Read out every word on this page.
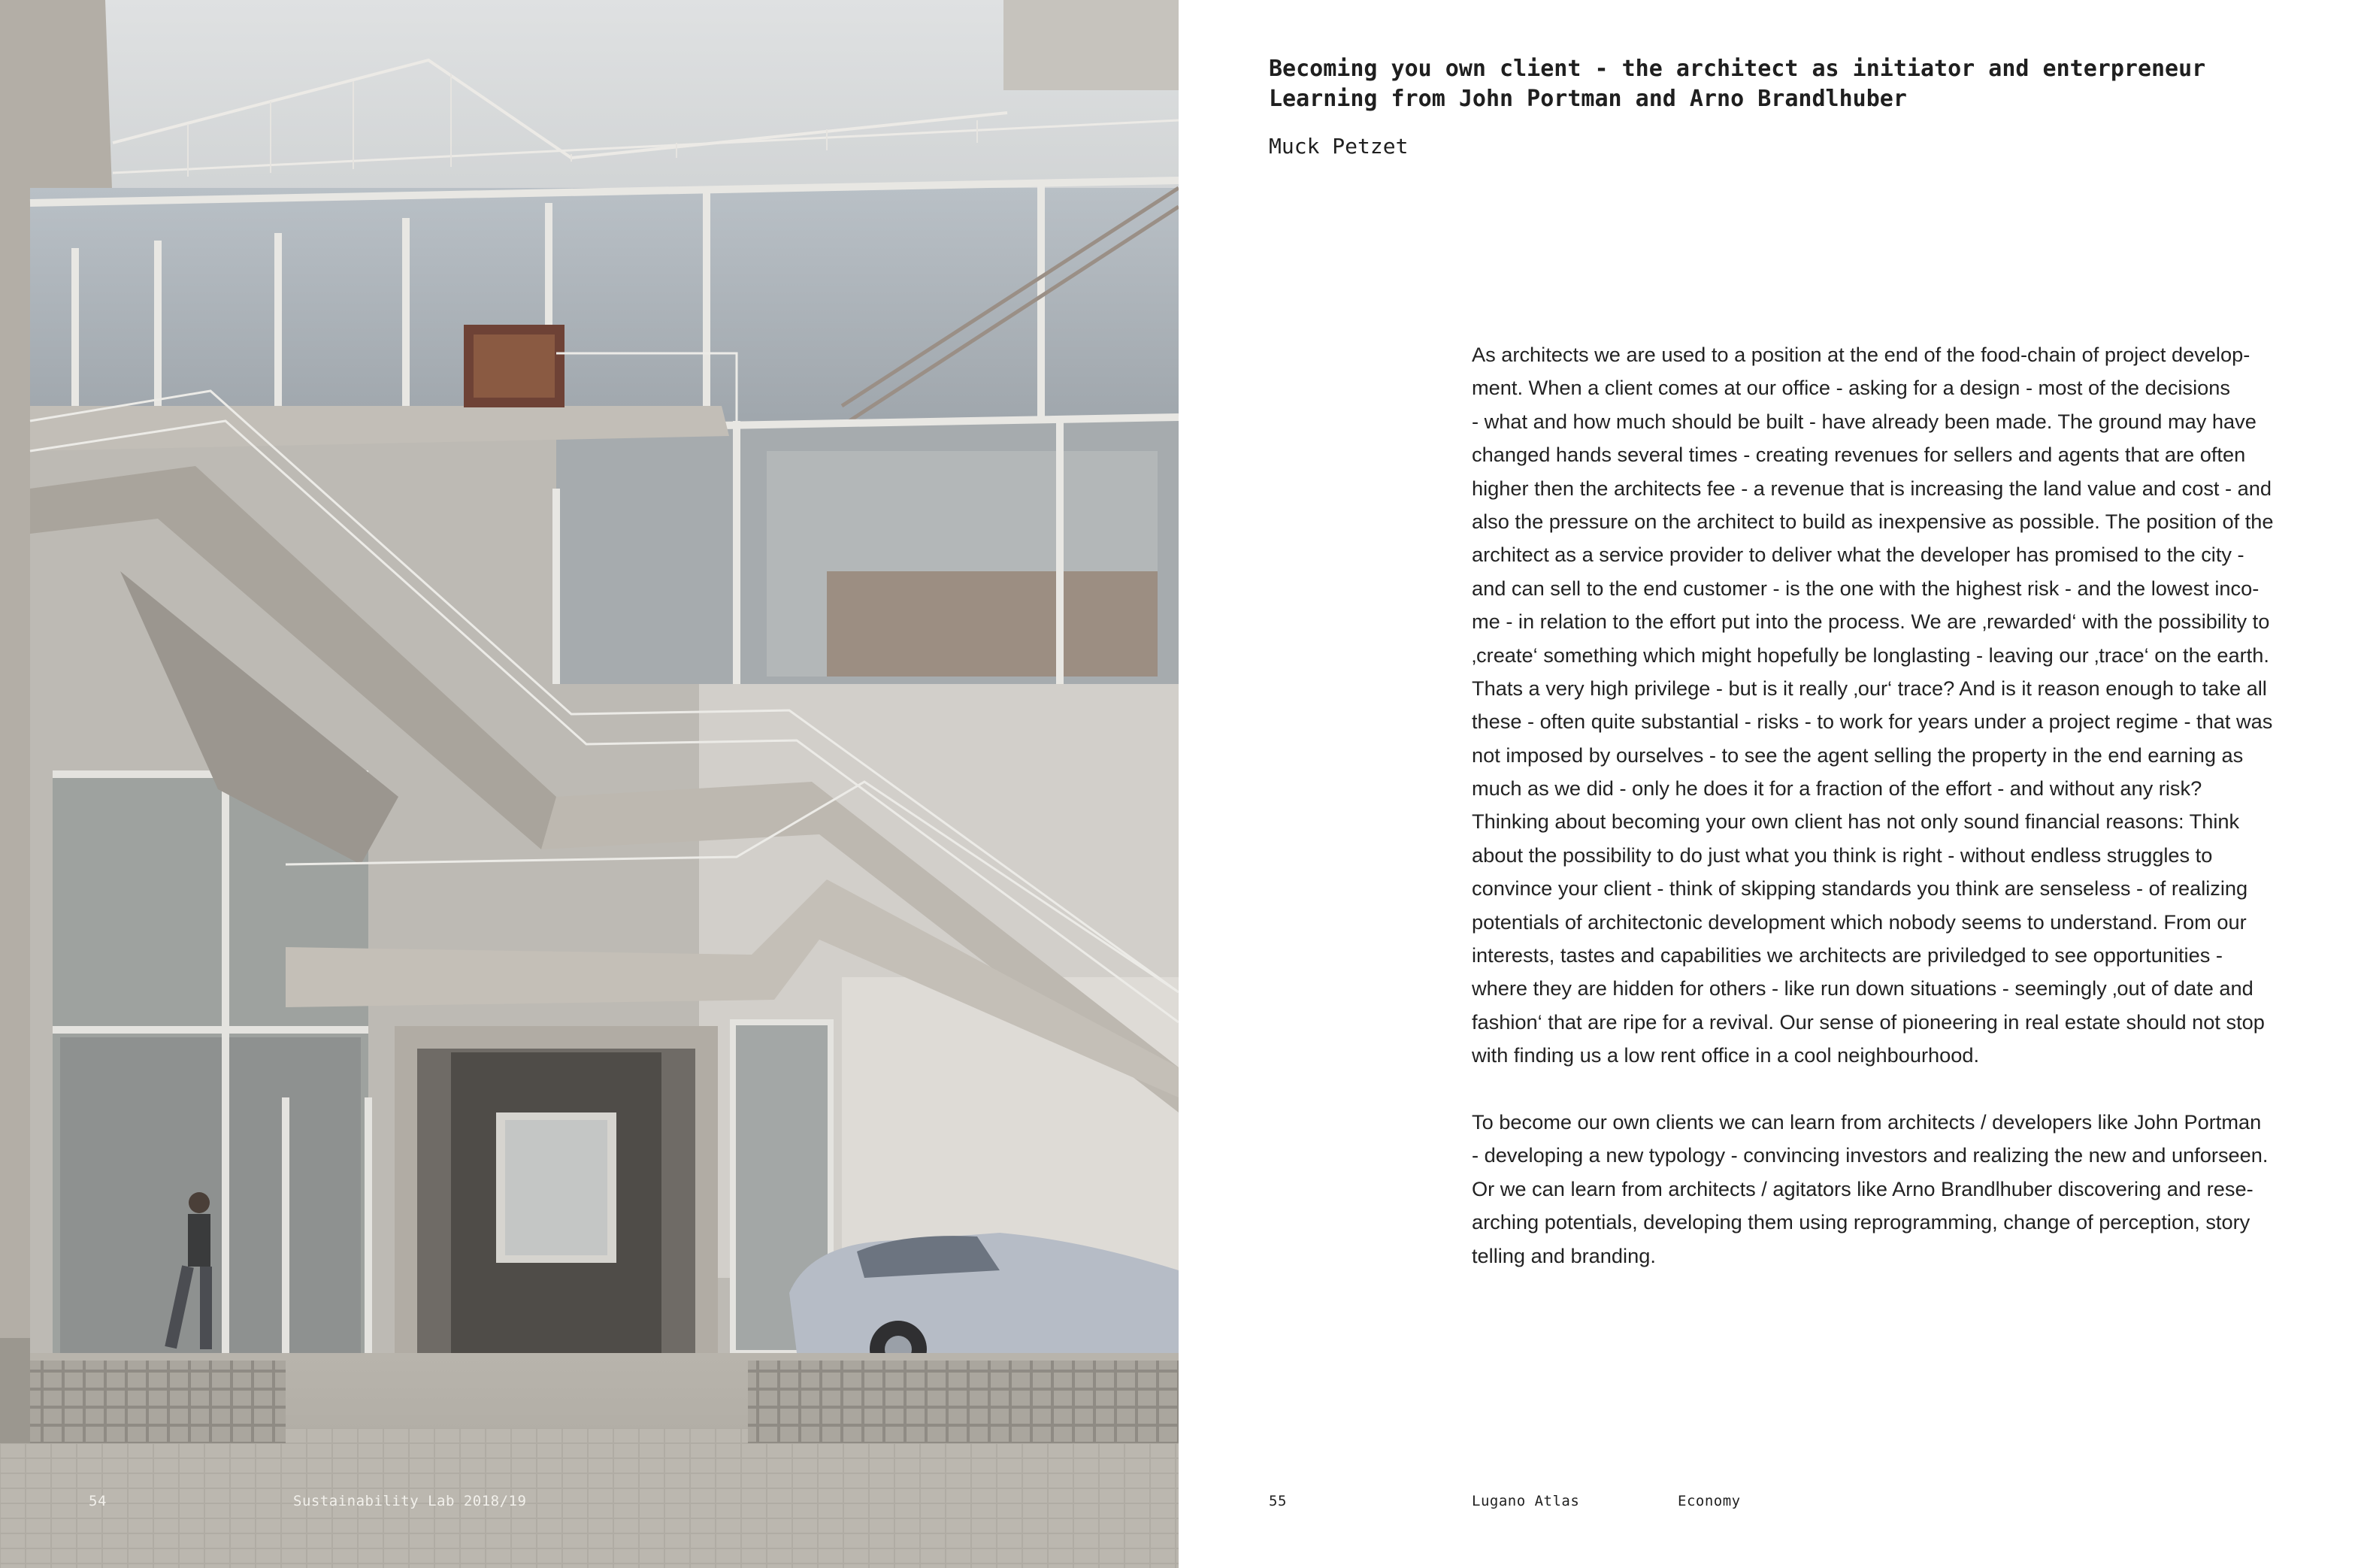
54	Sustainability Lab 2018/19
Becoming you own client - the architect as initiator and enterpreneur
Learning from John Portman and Arno Brandlhuber
Muck Petzet
As architects we are used to a position at the end of the food-chain of project develop-
ment. When a client comes at our office - asking for a design - most of the decisions
- what and how much should be built - have already been made. The ground may have
changed hands several times - creating revenues for sellers and agents that are often
higher then the architects fee - a revenue that is increasing the land value and cost - and
also the pressure on the architect to build as inexpensive as possible. The position of the
architect as a service provider to deliver what the developer has promised to the city -
and can sell to the end customer - is the one with the highest risk - and the lowest inco-
me - in relation to the effort put into the process. We are ‚rewarded‘ with the possibility to
‚create‘ something which might hopefully be longlasting - leaving our ‚trace‘ on the earth.
Thats a very high privilege - but is it really ‚our‘ trace? And is it reason enough to take all
these - often quite substantial - risks - to work for years under a project regime - that was
not imposed by ourselves - to see the agent selling the property in the end earning as
much as we did - only he does it for a fraction of the effort - and without any risk?
Thinking about becoming your own client has not only sound financial reasons: Think
about the possibility to do just what you think is right - without endless struggles to
convince your client - think of skipping standards you think are senseless - of realizing
potentials of architectonic development which nobody seems to understand. From our
interests, tastes and capabilities we architects are priviledged to see opportunities -
where they are hidden for others - like run down situations - seemingly ‚out of date and
fashion‘ that are ripe for a revival. Our sense of pioneering in real estate should not stop
with finding us a low rent office in a cool neighbourhood.
To become our own clients we can learn from architects / developers like John Portman
- developing a new typology - convincing investors and realizing the new and unforseen.
Or we can learn from architects / agitators like Arno Brandlhuber discovering and rese-
arching potentials, developing them using reprogramming, change of perception, story
telling and branding.
55	Lugano Atlas	Economy
